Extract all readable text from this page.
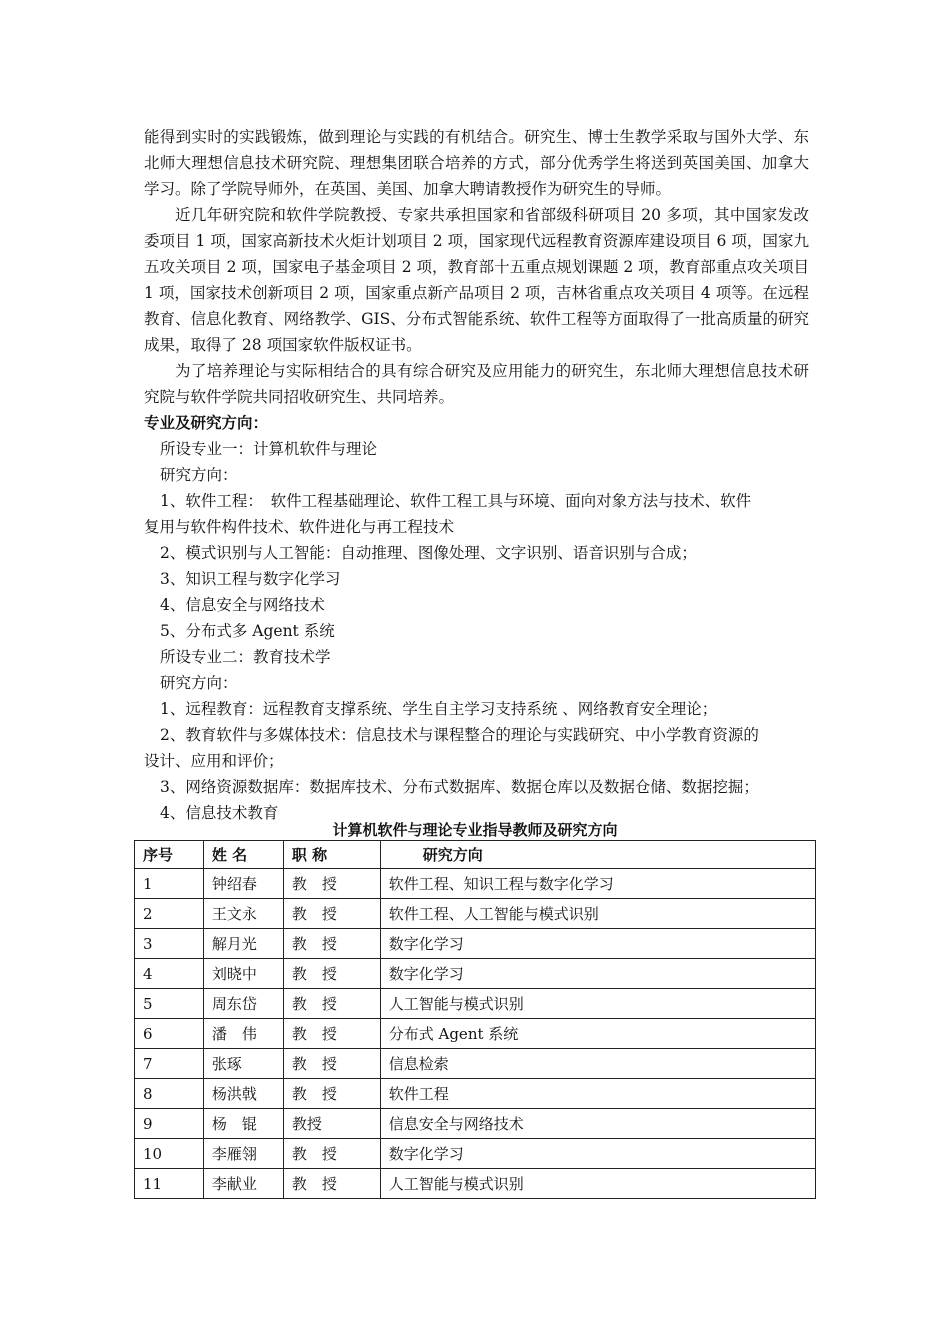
能得到实时的实践锻炼，做到理论与实践的有机结合。研究生、博士生教学采取与国外大学、东北师大理想信息技术研究院、理想集团联合培养的方式，部分优秀学生将送到英国美国、加拿大学习。除了学院导师外，在英国、美国、加拿大聘请教授作为研究生的导师。

近几年研究院和软件学院教授、专家共承担国家和省部级科研项目 20 多项，其中国家发改委项目 1 项，国家高新技术火炬计划项目 2 项，国家现代远程教育资源库建设项目 6 项，国家九五攻关项目 2 项，国家电子基金项目 2 项，教育部十五重点规划课题 2 项，教育部重点攻关项目 1 项，国家技术创新项目 2 项，国家重点新产品项目 2 项，吉林省重点攻关项目 4 项等。在远程教育、信息化教育、网络教学、GIS、分布式智能系统、软件工程等方面取得了一批高质量的研究成果，取得了 28 项国家软件版权证书。

为了培养理论与实际相结合的具有综合研究及应用能力的研究生，东北师大理想信息技术研究院与软件学院共同招收研究生、共同培养。

专业及研究方向：

所设专业一：计算机软件与理论

研究方向：

1、软件工程：　软件工程基础理论、软件工程工具与环境、面向对象方法与技术、软件

复用与软件构件技术、软件进化与再工程技术

2、模式识别与人工智能：自动推理、图像处理、文字识别、语音识别与合成；

3、知识工程与数字化学习

4、信息安全与网络技术

5、分布式多 Agent 系统

所设专业二：教育技术学

研究方向：

1、远程教育：远程教育支撑系统、学生自主学习支持系统 、网络教育安全理论；

2、教育软件与多媒体技术：信息技术与课程整合的理论与实践研究、中小学教育资源的

设计、应用和评价；

3、网络资源数据库：数据库技术、分布式数据库、数据仓库以及数据仓储、数据挖掘；

4、信息技术教育

计算机软件与理论专业指导教师及研究方向

序号	姓 名	职 称	研究方向
1	钟绍春	教　授	软件工程、知识工程与数字化学习
2	王文永	教　授	软件工程、人工智能与模式识别
3	解月光	教　授	数字化学习
4	刘晓中	教　授	数字化学习
5	周东岱	教　授	人工智能与模式识别
6	潘　伟	教　授	分布式 Agent 系统
7	张琢	教　授	信息检索
8	杨洪戟	教　授	软件工程
9	杨　锟	教授	信息安全与网络技术
10	李雁翎	教　授	数字化学习
11	李献业	教　授	人工智能与模式识别
